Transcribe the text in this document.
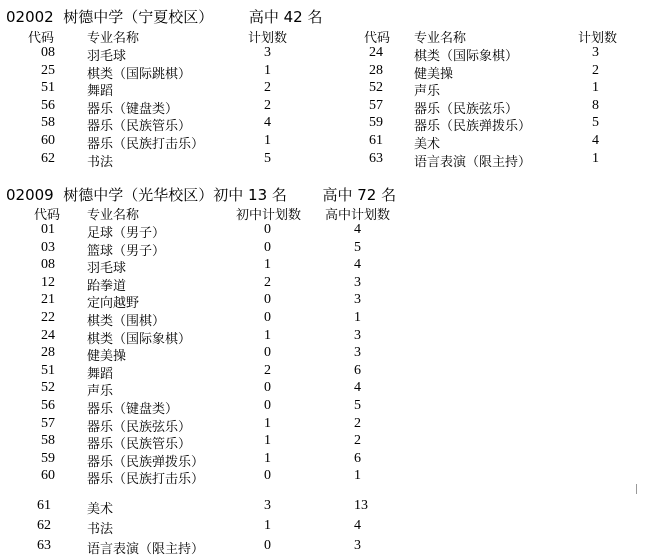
02002 树德中学（宁夏校区） 高中 42 名
代码	专业名称	计划数	代码 专业名称	计划数
08 羽毛球	3
25 棋类（国际跳棋）	1
51 舞蹈	2
56 器乐（键盘类）	2
58 器乐（民族管乐）	4
60 器乐（民族打击乐）	1
62 书法	5
24 棋类（国际象棋）	3
28 健美操	2
52 声乐	1
57 器乐（民族弦乐）	8
59 器乐（民族弹拨乐）	5
61 美术	4
63 语言表演（限主持）	1
02009 树德中学（光华校区）初中 13 名 高中 72 名
代码 专业名称	初中计划数 高中计划数
01 足球（男子）	0	4
03 篮球（男子）	0	5
08 羽毛球	1	4
12 跆拳道	2	3
21 定向越野	0	3
22 棋类（围棋）	0	1
24 棋类（国际象棋）	1	3
28 健美操	0	3
51 舞蹈	2	6
52 声乐	0	4
56 器乐（键盘类）	0	5
57 器乐（民族弦乐）	1	2
58 器乐（民族管乐）	1	2
59 器乐（民族弹拨乐）	1	6
60 器乐（民族打击乐）	0	1
61	美术	3	13
62	书法	1	4
63	语言表演（限主持）	0	3
